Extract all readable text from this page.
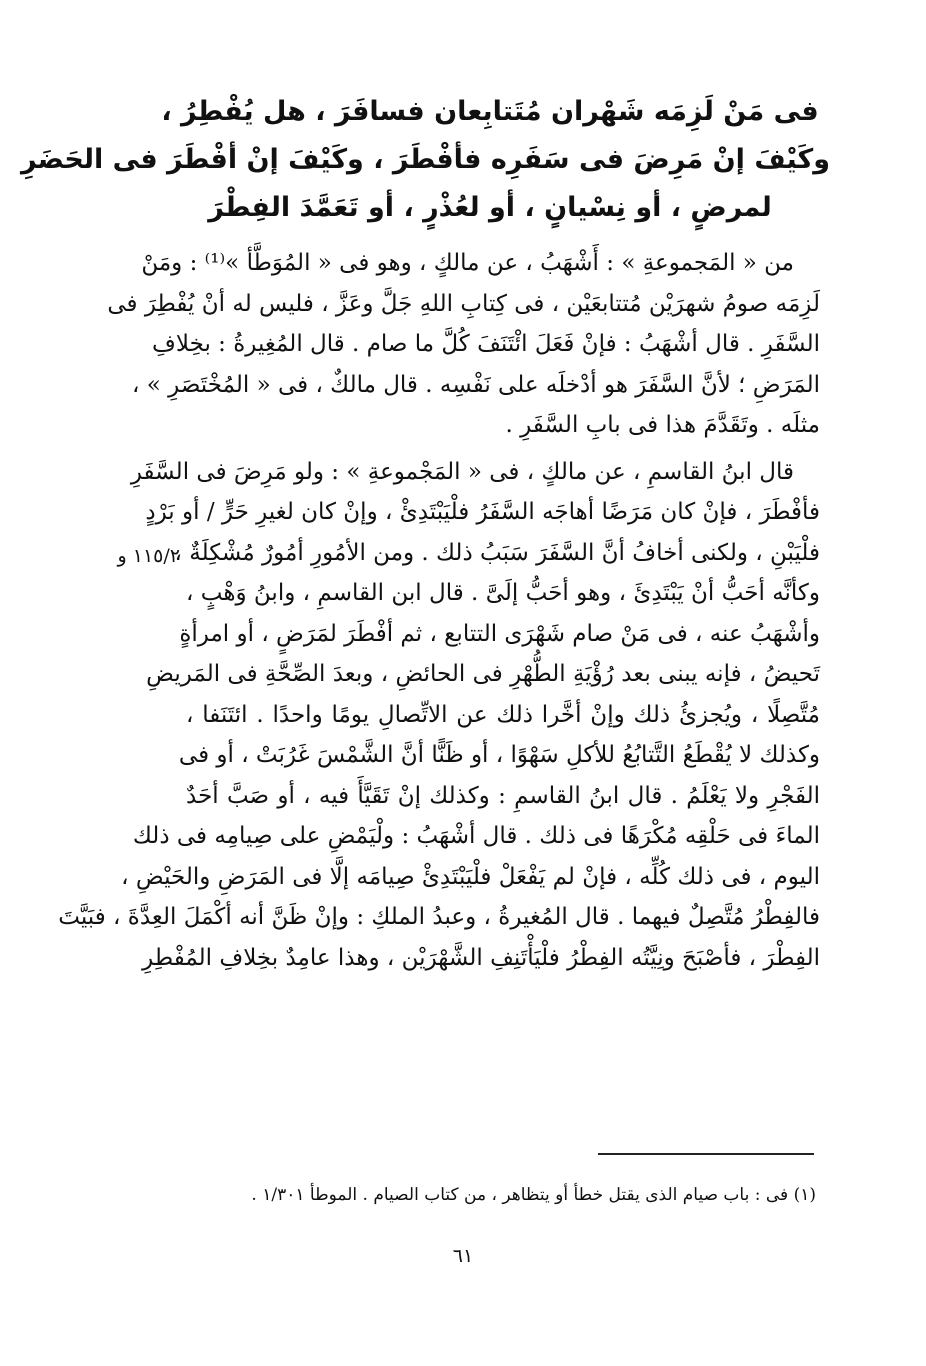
فى مَنْ لَزِمَه شَهْران مُتَتابِعان فسافَرَ ، هل يُفْطِرُ ،
وكَيْفَ إنْ مَرِضَ فى سَفَرِه فأفْطَرَ ، وكَيْفَ إنْ أفْطَرَ فى الحَضَرِ
لمرضٍ ، أو نِسْيانٍ ، أو لعُذْرٍ ، أو تَعَمَّدَ الفِطْرَ
من « المَجموعةِ » : أَشْهَبُ ، عن مالكٍ ، وهو فى « المُوَطَّأ »⁽¹⁾ : ومَنْ
لَزِمَه صومُ شهرَيْن مُتتابعَيْن ، فى كِتابِ اللهِ جَلَّ وعَزَّ ، فليس له أنْ يُفْطِرَ فى
السَّفَرِ . قال أشْهَبُ : فإنْ فَعَلَ ائْتَنَفَ كُلَّ ما صام . قال المُغِيرةُ : بخِلافِ
المَرَضِ ؛ لأنَّ السَّفَرَ هو أدْخلَه على نَفْسِه . قال مالكٌ ، فى « المُخْتَصَرِ » ،
مثلَه . وتَقَدَّمَ هذا فى بابِ السَّفَرِ .
قال ابنُ القاسمِ ، عن مالكٍ ، فى « المَجْموعةِ » : ولو مَرِضَ فى السَّفَرِ
فأفْطَرَ ، فإنْ كان مَرَضًا أهاجَه السَّفَرُ فلْيَبْتَدِئْ ، وإنْ كان لغيرِ حَرٍّ / أو بَرْدٍ
فلْيَبْنِ ، ولكنى أخافُ أنَّ السَّفَرَ سَبَبُ ذلك . ومن الأمُورِ أمُورٌ مُشْكِلَةٌ ،
وكأنَّه أحَبُّ أنْ يَبْتَدِئَ ، وهو أحَبُّ إلَىَّ . قال ابن القاسمِ ، وابنُ وَهْبٍ ،
وأشْهَبُ عنه ، فى مَنْ صام شَهْرَى التتابع ، ثم أفْطَرَ لمَرَضٍ ، أو امرأةٍ
تَحيضُ ، فإنه يبنى بعد رُؤْيَةِ الطُّهْرِ فى الحائضِ ، وبعدَ الصِّحَّةِ فى المَريضِ
مُتَّصِلًا ، ويُجزئُ ذلك وإنْ أخَّرا ذلك عن الاتِّصالِ يومًا واحدًا . ائتَنَفا ،
وكذلك لا يُقْطَعُ التَّتابُعُ للأكلِ سَهْوًا ، أو ظَنًّا أنَّ الشَّمْسَ غَرُبَتْ ، أو فى
الفَجْرِ ولا يَعْلَمُ . قال ابنُ القاسمِ : وكذلك إنْ تَقَيَّأَ فيه ، أو صَبَّ أحَدٌ
الماءَ فى حَلْقِه مُكْرَهًا فى ذلك . قال أشْهَبُ : ولْيَمْضِ على صِيامِه فى ذلك
اليوم ، فى ذلك كُلِّه ، فإنْ لم يَفْعَلْ فلْيَبْتَدِئْ صِيامَه إلَّا فى المَرَضِ والحَيْضِ ،
فالفِطْرُ مُتَّصِلٌ فيهما . قال المُغيرةُ ، وعبدُ الملكِ : وإنْ ظَنَّ أنه أكْمَلَ العِدَّةَ ، فبَيَّتَ
الفِطْرَ ، فأصْبَحَ ونِيَّتُه الفِطْرُ فلْيَأْتَنِفِ الشَّهْرَيْن ، وهذا عامِدٌ بخِلافِ المُفْطِرِ
١١٥/٢ و
(١) فى : باب صيام الذى يقتل خطأ أو يتظاهر ، من كتاب الصيام . الموطأ ١/٣٠١ .
٦١
